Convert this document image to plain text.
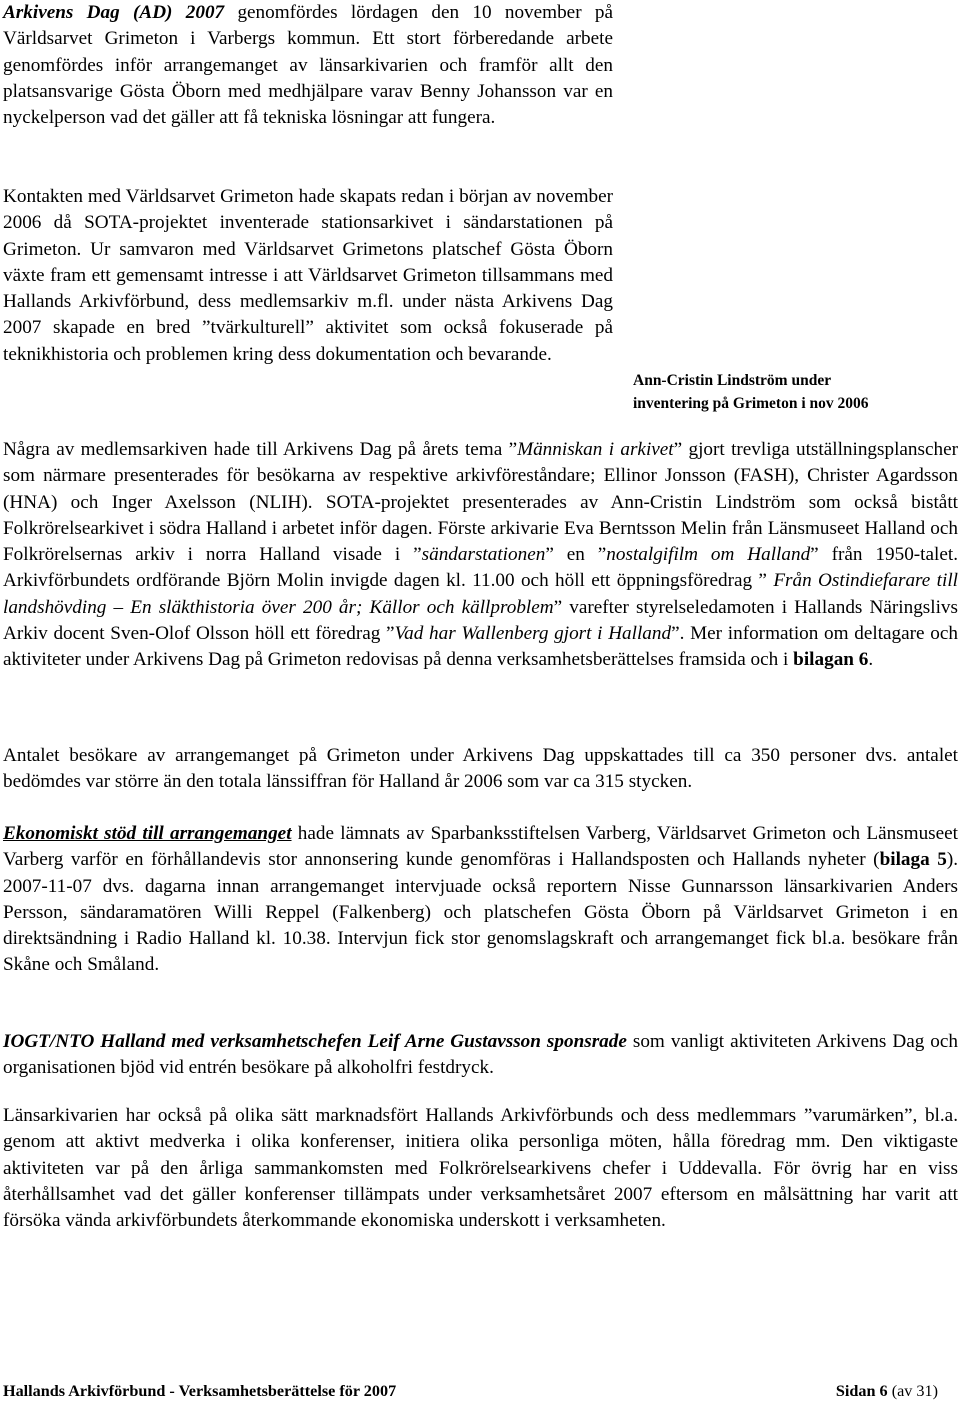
Arkivens Dag (AD) 2007 genomfördes lördagen den 10 november på Världsarvet Grimeton i Varbergs kommun. Ett stort förberedande arbete genomfördes inför arrangemanget av länsarkivarien och framför allt den platsansvarige Gösta Öborn med medhjälpare varav Benny Johansson var en nyckelperson vad det gäller att få tekniska lösningar att fungera.

Kontakten med Världsarvet Grimeton hade skapats redan i början av november 2006 då SOTA-projektet inventerade stationsarkivet i sändarstationen på Grimeton. Ur samvaron med Världsarvet Grimetons platschef Gösta Öborn växte fram ett gemensamt intresse i att Världsarvet Grimeton tillsammans med Hallands Arkivförbund, dess medlemsarkiv m.fl. under nästa Arkivens Dag 2007 skapade en bred ”tvärkulturell” aktivitet som också fokuserade på teknikhistoria och problemen kring dess dokumentation och bevarande.

Ann-Cristin Lindström under inventering på Grimeton i nov 2006

Några av medlemsarkiven hade till Arkivens Dag på årets tema ”Människan i arkivet” gjort trevliga utställningsplanscher som närmare presenterades för besökarna av respektive arkivföreståndare; Ellinor Jonsson (FASH), Christer Agardsson (HNA) och Inger Axelsson (NLIH). SOTA-projektet presenterades av Ann-Cristin Lindström som också bistått Folkrörelsearkivet i södra Halland i arbetet inför dagen. Förste arkivarie Eva Berntsson Melin från Länsmuseet Halland och Folkrörelsernas arkiv i norra Halland visade i ”sändarstationen” en ”nostalgifilm om Halland” från 1950-talet. Arkivförbundets ordförande Björn Molin invigde dagen kl. 11.00 och höll ett öppningsföredrag ” Från Ostindiefarare till landshövding – En släkthistoria över 200 år; Källor och källproblem” varefter styrelseledamoten i Hallands Näringslivs Arkiv docent Sven-Olof Olsson höll ett föredrag ”Vad har Wallenberg gjort i Halland”. Mer information om deltagare och aktiviteter under Arkivens Dag på Grimeton redovisas på denna verksamhetsberättelses framsida och i bilagan 6.

Antalet besökare av arrangemanget på Grimeton under Arkivens Dag uppskattades till ca 350 personer dvs. antalet bedömdes var större än den totala länssiffran för Halland år 2006 som var ca 315 stycken.

Ekonomiskt stöd till arrangemanget hade lämnats av Sparbanksstiftelsen Varberg, Världsarvet Grimeton och Länsmuseet Varberg varför en förhållandevis stor annonsering kunde genomföras i Hallandsposten och Hallands nyheter (bilaga 5). 2007-11-07 dvs. dagarna innan arrangemanget intervjuade också reportern Nisse Gunnarsson länsarkivarien Anders Persson, sändaramatören Willi Reppel (Falkenberg) och platschefen Gösta Öborn på Världsarvet Grimeton i en direktsändning i Radio Halland kl. 10.38. Intervjun fick stor genomslagskraft och arrangemanget fick bl.a. besökare från Skåne och Småland.

IOGT/NTO Halland med verksamhetschefen Leif Arne Gustavsson sponsrade som vanligt aktiviteten Arkivens Dag och organisationen bjöd vid entrén besökare på alkoholfri festdryck.

Länsarkivarien har också på olika sätt marknadsfört Hallands Arkivförbunds och dess medlemmars ”varumärken”, bl.a. genom att aktivt medverka i olika konferenser, initiera olika personliga möten, hålla föredrag mm. Den viktigaste aktiviteten var på den årliga sammankomsten med Folkrörelsearkivens chefer i Uddevalla. För övrig har en viss återhållsamhet vad det gäller konferenser tillämpats under verksamhetsåret 2007 eftersom en målsättning har varit att försöka vända arkivförbundets återkommande ekonomiska underskott i verksamheten.

Hallands Arkivförbund - Verksamhetsberättelse för 2007	Sidan 6 (av 31)
